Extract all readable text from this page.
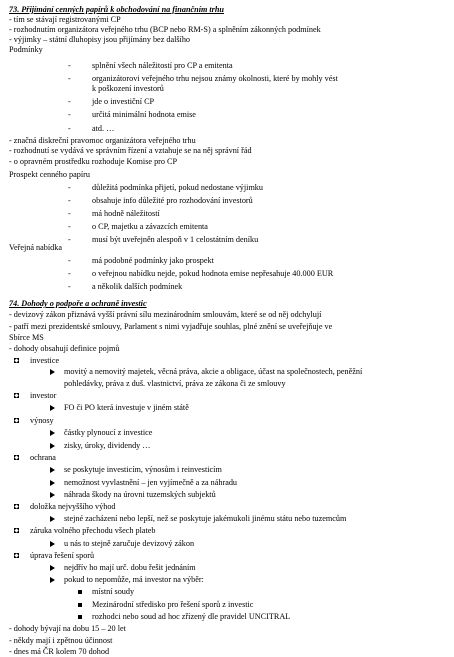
73. Přijímání cenných papírů k obchodování na finančním trhu
- tím se stávají registrovanými CP
- rozhodnutím organizátora veřejného trhu (BCP nebo RM-S) a splněním zákonných podmínek
- výjimky – státní dluhopisy jsou přijímány bez dalšího
Podmínky
-	splnění všech náležitostí pro CP a emitenta
-	organizátorovi veřejného trhu nejsou známy okolnosti, které by mohly vést
k poškození investorů
-	jde o investiční CP
-	určitá minimální hodnota emise
-	atd. …
- značná diskreční pravomoc organizátora veřejného trhu
- rozhodnutí se vydává ve správním řízení a vztahuje se na něj správní řád
- o opravném prostředku rozhoduje Komise pro CP
Prospekt cenného papíru
-	důležitá podmínka přijetí, pokud nedostane výjimku
-	obsahuje info důležité pro rozhodování investorů
-	má hodně náležitostí
-	o CP, majetku a závazcích emitenta
-	musí být uveřejněn alespoň v 1 celostátním deníku
Veřejná nabídka
-	má podobné podmínky jako prospekt
-	o veřejnou nabídku nejde, pokud hodnota emise nepřesahuje 40.000 EUR
-	a několik dalších podmínek
74. Dohody o podpoře a ochraně investic
- devizový zákon přiznává vyšší právní sílu mezinárodním smlouvám, které se od něj odchylují
- patří mezi prezidentské smlouvy, Parlament s nimi vyjadřuje souhlas, plné znění se uveřejňuje ve
Sbírce MS
- dohody obsahují definice pojmů
investice
movitý a nemovitý majetek, věcná práva, akcie a obligace, účast na společnostech, peněžní
pohledávky, práva z duš. vlastnictví, práva ze zákona či ze smlouvy
investor
FO či PO která investuje v jiném státě
výnosy
částky plynoucí z investice
zisky, úroky, dividendy …
ochrana
se poskytuje investicím, výnosům i reinvesticím
nemožnost vyvlastnění – jen vyjímečně a za náhradu
náhrada škody na úrovni tuzemských subjektů
doložka nejvyššího výhod
stejné zacházení nebo lepší, než se poskytuje jakémukoli jinému státu nebo tuzemcům
záruka volného přechodu všech plateb
u nás to stejně zaručuje devizový zákon
úprava řešení sporů
nejdřív ho mají urč. dobu řešit jednáním
pokud to nepomůže, má investor na výběr:
místní soudy
Mezinárodní středisko pro řešení sporů z investic
rozhodci nebo soud ad hoc zřízený dle pravidel UNCITRAL
- dohody bývají na dobu 15 – 20 let
- někdy mají i zpětnou účinnost
- dnes má ČR kolem 70 dohod
